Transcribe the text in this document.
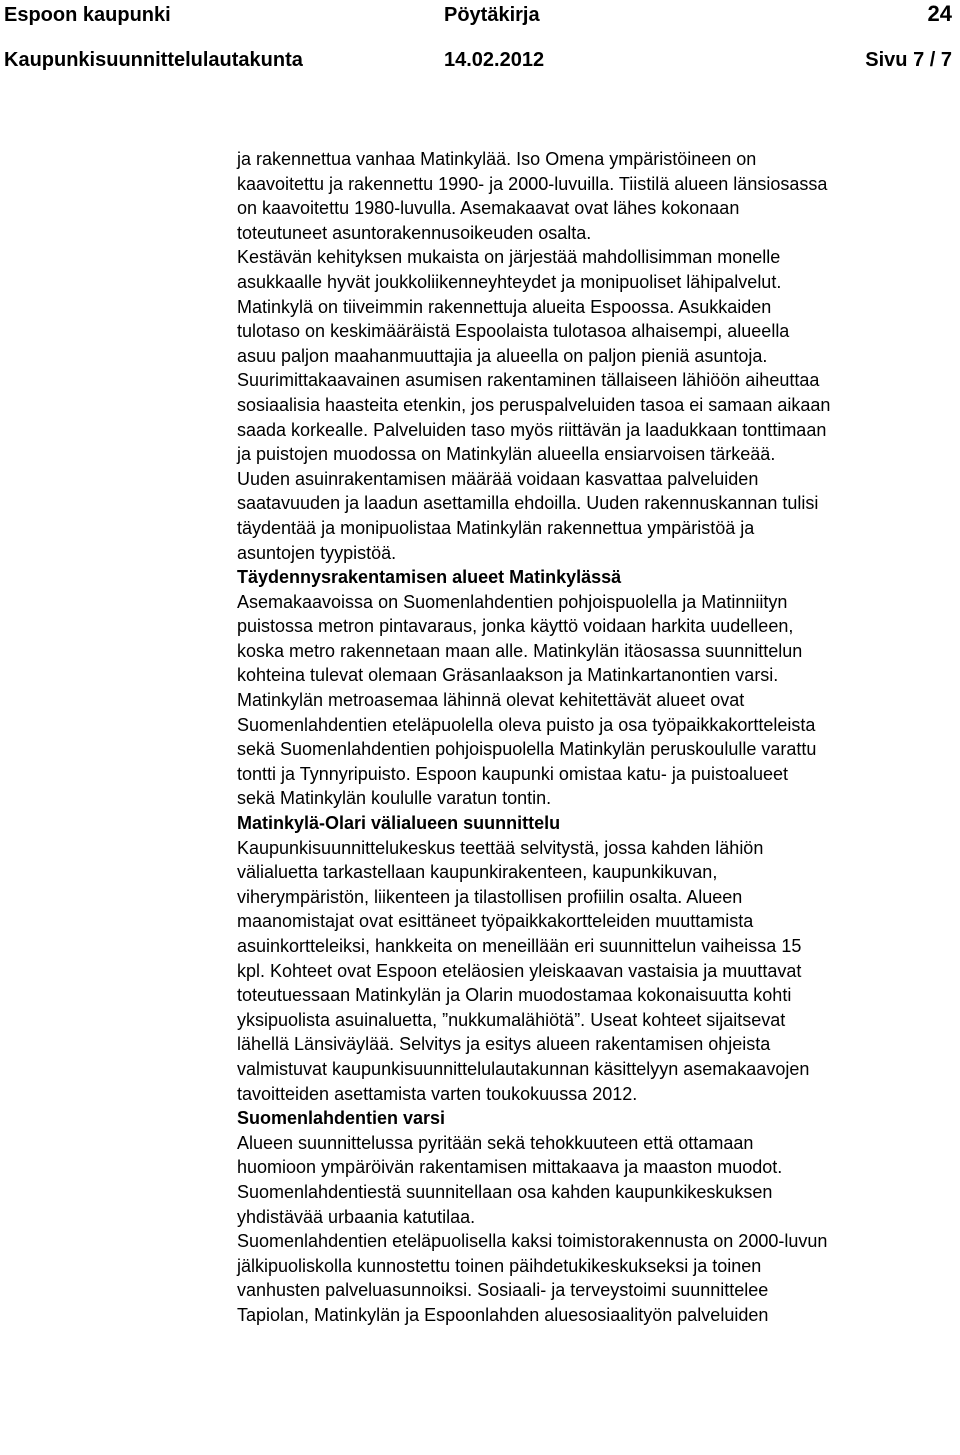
Espoon kaupunki	Pöytäkirja	24
Kaupunkisuunnittelulautakunta	14.02.2012	Sivu 7 / 7
ja rakennettua vanhaa Matinkylää. Iso Omena ympäristöineen on
kaavoitettu ja rakennettu 1990- ja 2000-luvuilla. Tiistilä alueen länsiosassa
on kaavoitettu 1980-luvulla. Asemakaavat ovat lähes kokonaan
toteutuneet asuntorakennusoikeuden osalta.
Kestävän kehityksen mukaista on järjestää mahdollisimman monelle
asukkaalle hyvät joukkoliikenneyhteydet ja monipuoliset lähipalvelut.
Matinkylä on tiiveimmin rakennettuja alueita Espoossa. Asukkaiden
tulotaso on keskimääräistä Espoolaista tulotasoa alhaisempi, alueella
asuu paljon maahanmuuttajia ja alueella on paljon pieniä asuntoja.
Suurimittakaavainen asumisen rakentaminen tällaiseen lähiöön aiheuttaa
sosiaalisia haasteita etenkin, jos peruspalveluiden tasoa ei samaan aikaan
saada korkealle. Palveluiden taso myös riittävän ja laadukkaan tonttimaan
ja puistojen muodossa on Matinkylän alueella ensiarvoisen tärkeää.
Uuden asuinrakentamisen määrää voidaan kasvattaa palveluiden
saatavuuden ja laadun asettamilla ehdoilla. Uuden rakennuskannan tulisi
täydentää ja monipuolistaa Matinkylän rakennettua ympäristöä ja
asuntojen tyypistöä.
Täydennysrakentamisen alueet Matinkylässä
Asemakaavoissa on Suomenlahdentien pohjoispuolella ja Matinniityn
puistossa metron pintavaraus, jonka käyttö voidaan harkita uudelleen,
koska metro rakennetaan maan alle. Matinkylän itäosassa suunnittelun
kohteina tulevat olemaan Gräsanlaakson ja Matinkartanontien varsi.
Matinkylän metroasemaa lähinnä olevat kehitettävät alueet ovat
Suomenlahdentien eteläpuolella oleva puisto ja osa työpaikkakortteleista
sekä Suomenlahdentien pohjoispuolella Matinkylän peruskoululle varattu
tontti ja Tynnyripuisto. Espoon kaupunki omistaa katu- ja puistoalueet
sekä Matinkylän koululle varatun tontin.
Matinkylä-Olari välialueen suunnittelu
Kaupunkisuunnittelukeskus teettää selvitystä, jossa kahden lähiön
välialuetta tarkastellaan kaupunkirakenteen, kaupunkikuvan,
viherympäristön, liikenteen ja tilastollisen profiilin osalta. Alueen
maanomistajat ovat esittäneet työpaikkakortteleiden muuttamista
asuinkortteleiksi, hankkeita on meneillään eri suunnittelun vaiheissa 15
kpl. Kohteet ovat Espoon eteläosien yleiskaavan vastaisia ja muuttavat
toteutuessaan Matinkylän ja Olarin muodostamaa kokonaisuutta kohti
yksipuolista asuinaluetta, ”nukkumalähiötä”. Useat kohteet sijaitsevat
lähellä Länsiväylää. Selvitys ja esitys alueen rakentamisen ohjeista
valmistuvat kaupunkisuunnittelulautakunnan käsittelyyn asemakaavojen
tavoitteiden asettamista varten toukokuussa 2012.
Suomenlahdentien varsi
Alueen suunnittelussa pyritään sekä tehokkuuteen että ottamaan
huomioon ympäröivän rakentamisen mittakaava ja maaston muodot.
Suomenlahdentiestä suunnitellaan osa kahden kaupunkikeskuksen
yhdistävää urbaania katutilaa.
Suomenlahdentien eteläpuolisella kaksi toimistorakennusta on 2000-luvun
jälkipuoliskolla kunnostettu toinen päihdetukikeskukseksi ja toinen
vanhusten palveluasunnoiksi. Sosiaali- ja terveystoimi suunnittelee
Tapiolan, Matinkylän ja Espoonlahden aluesosiaalityön palveluiden
